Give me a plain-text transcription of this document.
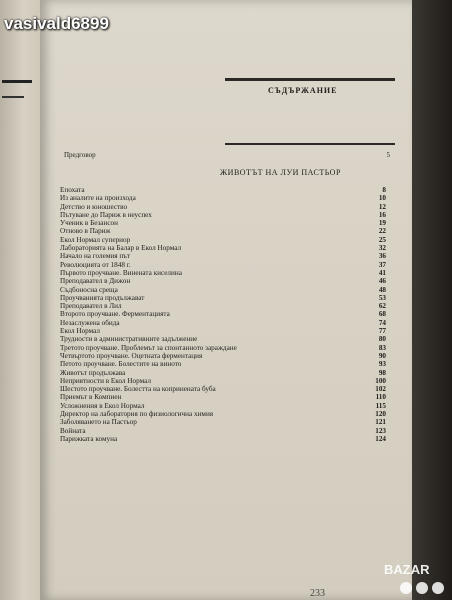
СЪДЪРЖАНИЕ
Предговор	5
ЖИВОТЪТ НА ЛУИ ПАСТЬОР
Епохата	8
Из аналите на произхода	10
Детство и юношество	12
Пътуване до Париж в неуспех	16
Ученик в Безансон	19
Отново в Париж	22
Екол Нормал супериор	25
Лабораторията на Балар в Екол Нормал	32
Начало на големия път	36
Революцията от 1848 г.	37
Първото проучване. Винената киселина	41
Преподавател в Дижон	46
Съдбоносна среща	48
Проучванията продължават	53
Преподавател в Лил	62
Второто проучване. Ферментацията	68
Незаслужена обида	74
Екол Нормал	77
Трудности в административните задължение	80
Третото проучване. Проблемът за спонтанното зараждане	83
Четвъртото проучване. Оцетната ферментация	90
Петото проучване. Болестите на виното	93
Животът продължава	98
Неприятности в Екол Нормал	100
Шестото проучване. Болестта на копринената буба	102
Приемът в Компиен	110
Усложнения в Екол Нормал	115
Директор на лаборатория по физиологична химия	120
Заболяването на Пастьор	121
Войната	123
Парижката комуна	124
233
vasivald6899
BAZAR
